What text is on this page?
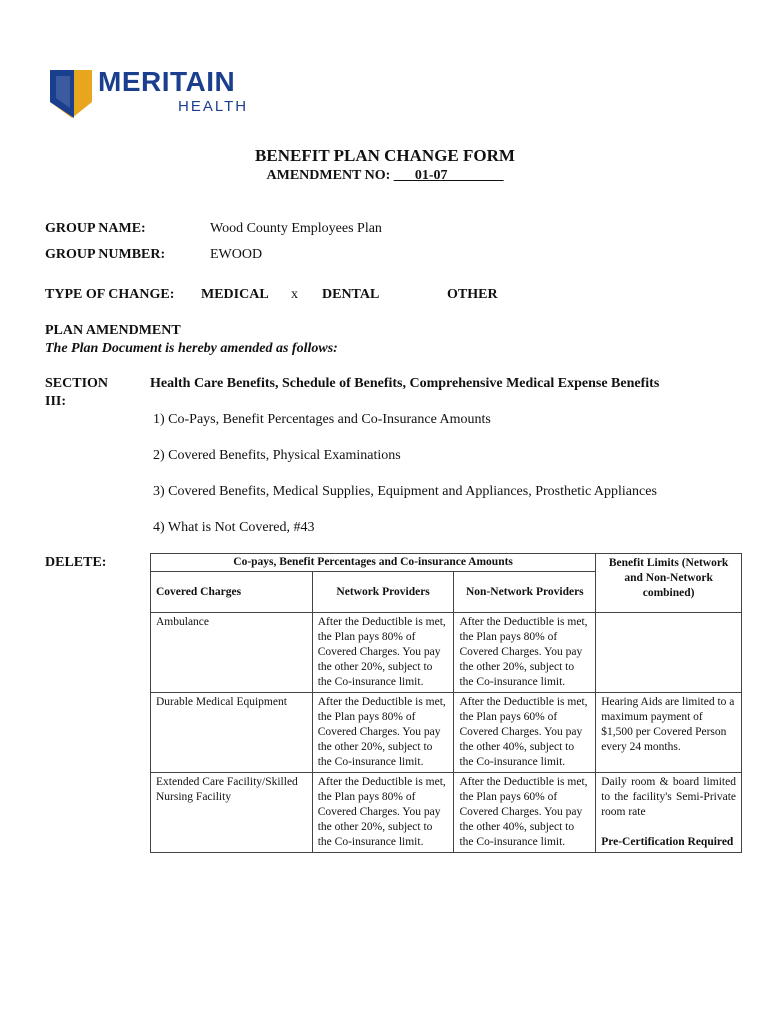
MERITAIN
HEALTH
BENEFIT PLAN CHANGE FORM
AMENDMENT NO: ___01-07________
GROUP NAME:	Wood County Employees Plan
GROUP NUMBER:	EWOOD
TYPE OF CHANGE: MEDICAL x DENTAL	OTHER
PLAN AMENDMENT
The Plan Document is hereby amended as follows:
SECTION
III:
Health Care Benefits, Schedule of Benefits, Comprehensive Medical Expense Benefits
1) Co-Pays, Benefit Percentages and Co-Insurance Amounts
2) Covered Benefits, Physical Examinations
3) Covered Benefits, Medical Supplies, Equipment and Appliances, Prosthetic Appliances
4) What is Not Covered, #43
DELETE:	Co-pays, Benefit Percentages and Co-insurance Amounts			Benefit Limits (Network and Non-Network combined)
Covered Charges	Network Providers	Non-Network Providers	
Ambulance	After the Deductible is met, the Plan pays 80% of Covered Charges. You pay the other 20%, subject to the Co-insurance limit.	After the Deductible is met, the Plan pays 80% of Covered Charges. You pay the other 20%, subject to the Co-insurance limit.	
Durable Medical Equipment	After the Deductible is met, the Plan pays 80% of Covered Charges. You pay the other 20%, subject to the Co-insurance limit.	After the Deductible is met, the Plan pays 60% of Covered Charges. You pay the other 40%, subject to the Co-insurance limit.	Hearing Aids are limited to a maximum payment of $1,500 per Covered Person every 24 months.
Extended Care Facility/Skilled Nursing Facility	After the Deductible is met, the Plan pays 80% of Covered Charges. You pay the other 20%, subject to the Co-insurance limit.	After the Deductible is met, the Plan pays 60% of Covered Charges. You pay the other 40%, subject to the Co-insurance limit.	Daily room & board limited to the facility's Semi-Private room rate
Pre-Certification Required
